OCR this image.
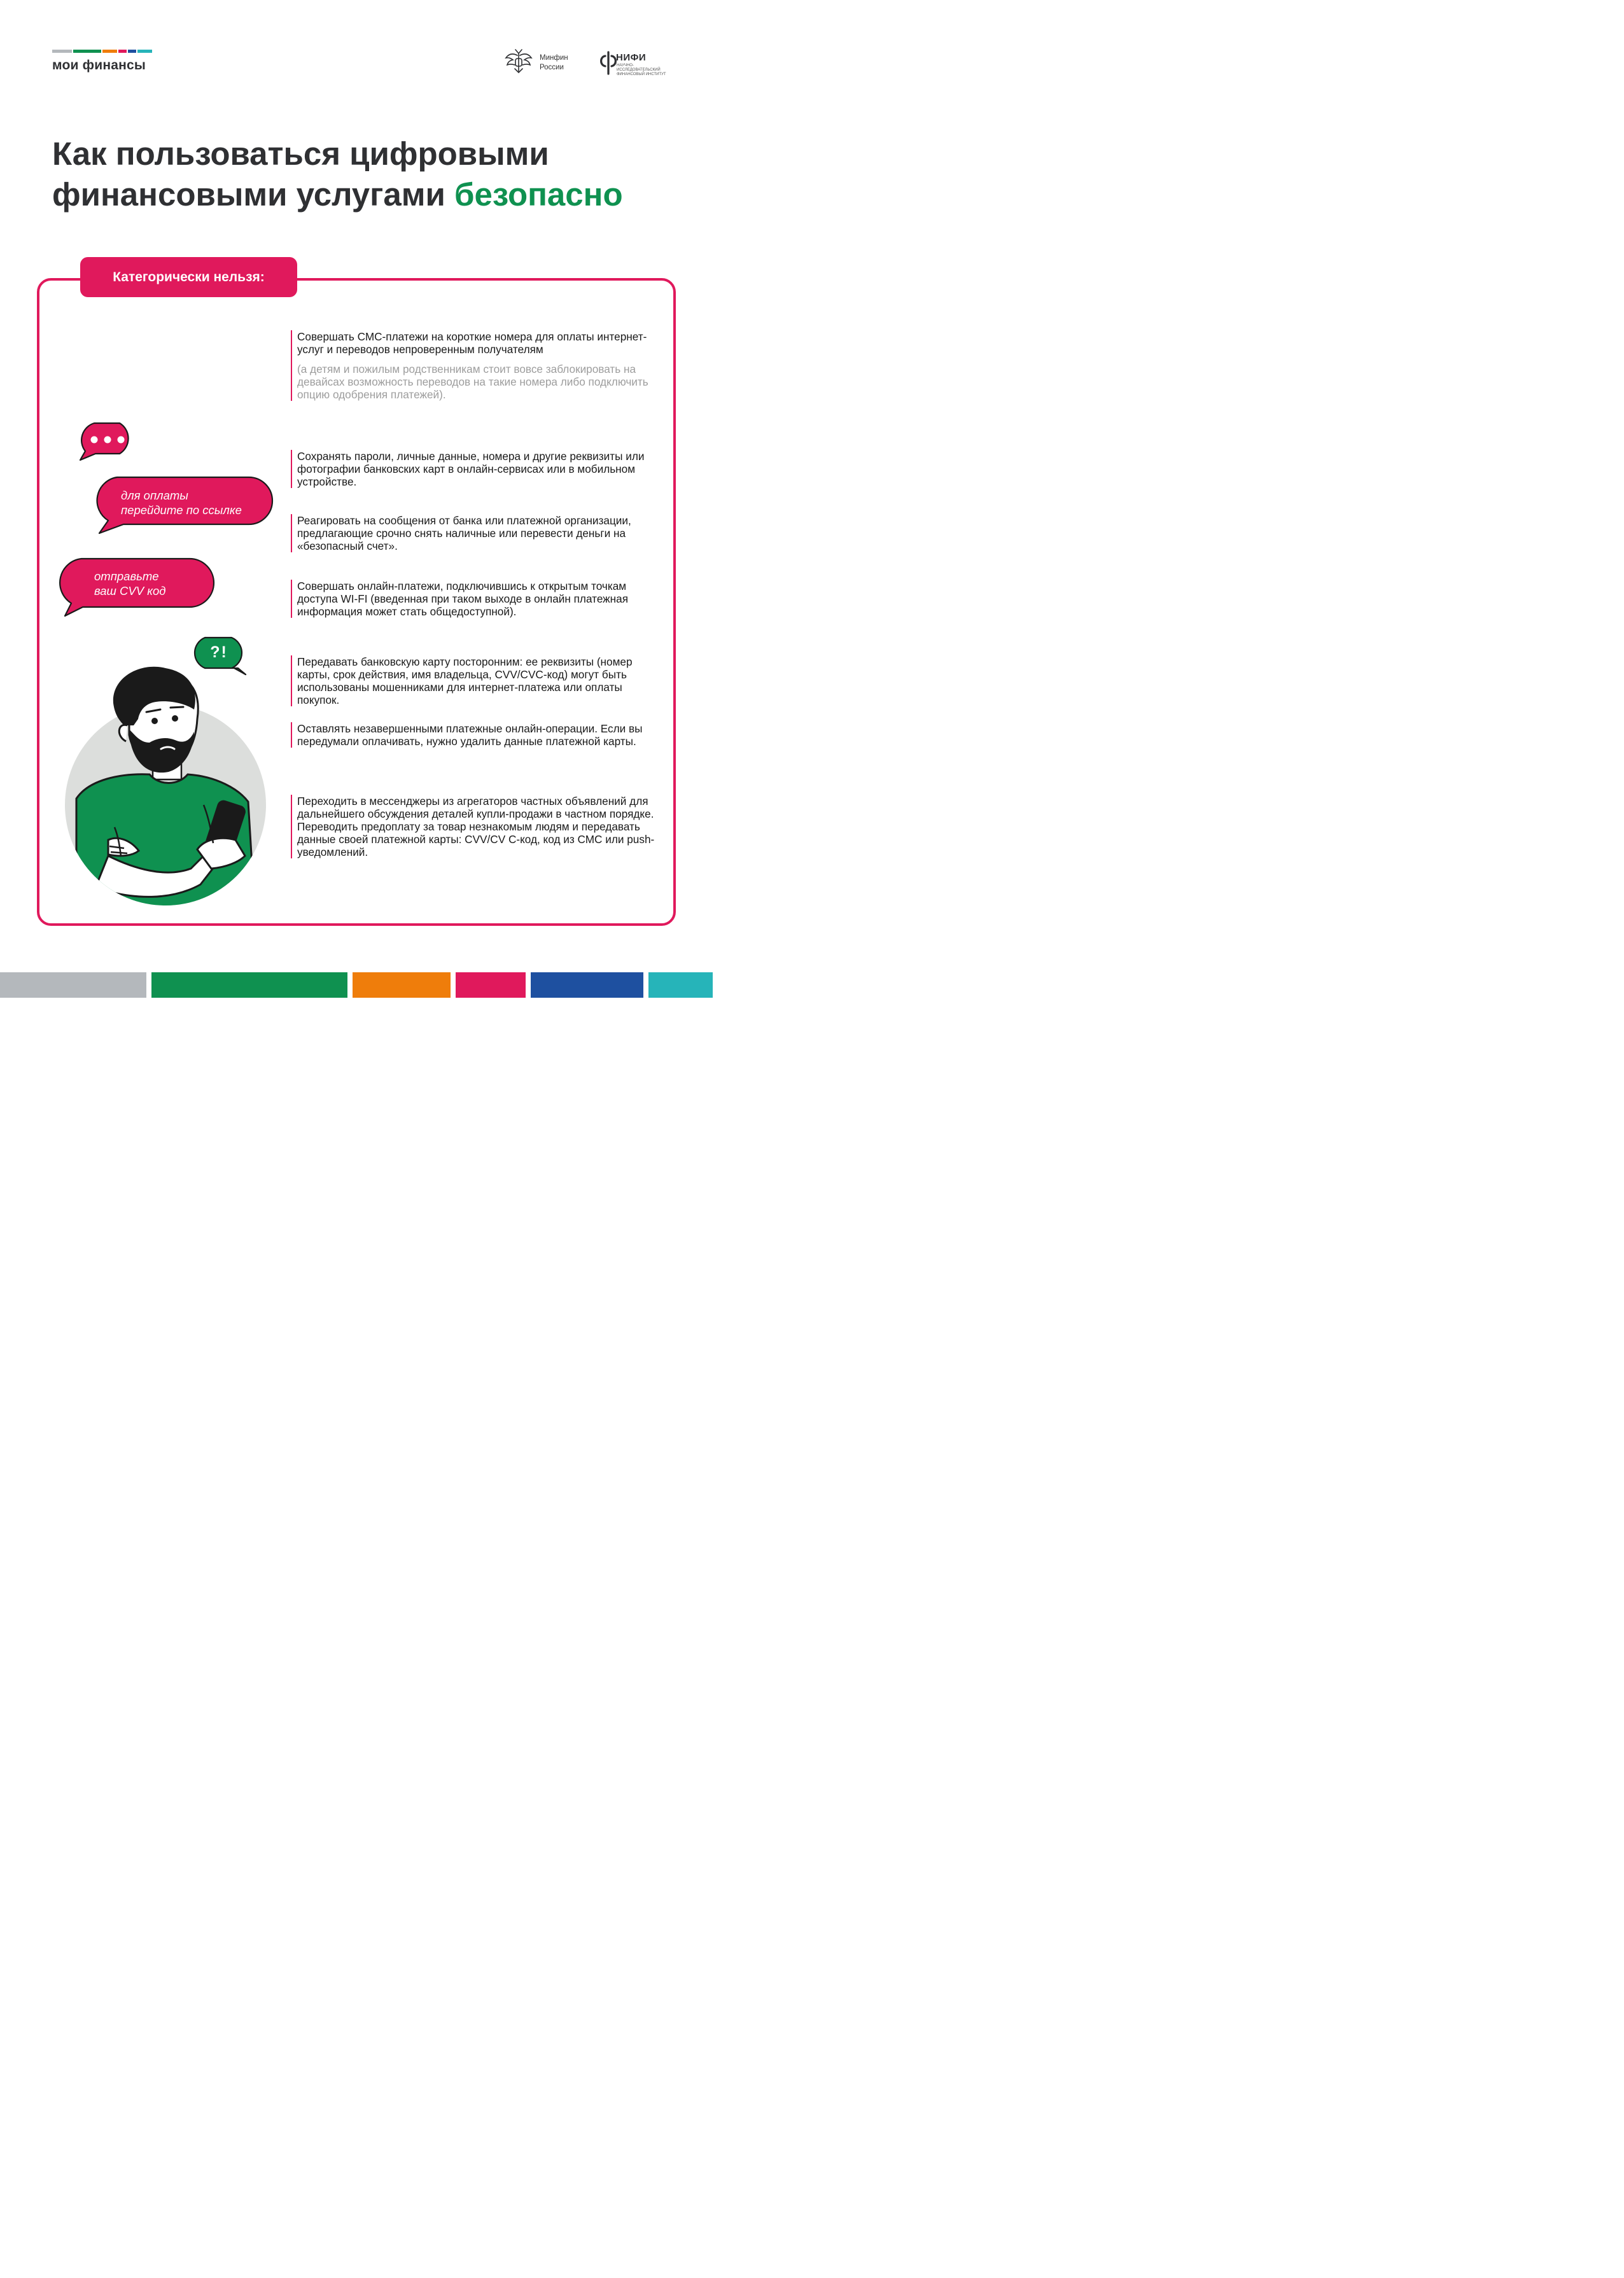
мои финансы	Минфин
России
НИФИ
НАУЧНО-ИССЛЕДОВАТЕЛЬСКИЙ ФИНАНСОВЫЙ ИНСТИТУТ
Как пользоваться цифровыми финансовыми услугами безопасно
Категорически нельзя:
Совершать СМС-платежи на короткие номера для оплаты интернет-услуг и переводов непроверенным получателям
(а детям и пожилым родственникам стоит вовсе заблокировать на девайсах возможность переводов на такие номера либо подключить опцию одобрения платежей).
Сохранять пароли, личные данные, номера и другие реквизиты или фотографии банковских карт в онлайн-сервисах или в мобильном устройстве.
Реагировать на сообщения от банка или платежной организации, предлагающие срочно снять наличные или перевести деньги на «безопасный счет».
Совершать онлайн-платежи, подключившись к открытым точкам доступа WI-FI (введенная при таком выходе в онлайн платежная информация может стать общедоступной).
Передавать банковскую карту посторонним: ее реквизиты (номер карты, срок действия, имя владельца, CVV/CVC-код) могут быть использованы мошенниками для интернет-платежа или оплаты покупок.
Оставлять незавершенными платежные онлайн-операции. Если вы передумали оплачивать, нужно удалить данные платежной карты.
Переходить в мессенджеры из агрегаторов частных объявлений для дальнейшего обсуждения деталей купли-продажи в частном порядке. Переводить предоплату за товар незнакомым людям и передавать данные своей платежной карты: CVV/CV C-код, код из СМС или push-уведомлений.
для оплаты
перейдите по ссылке
отправьте
ваш CVV код
?!
